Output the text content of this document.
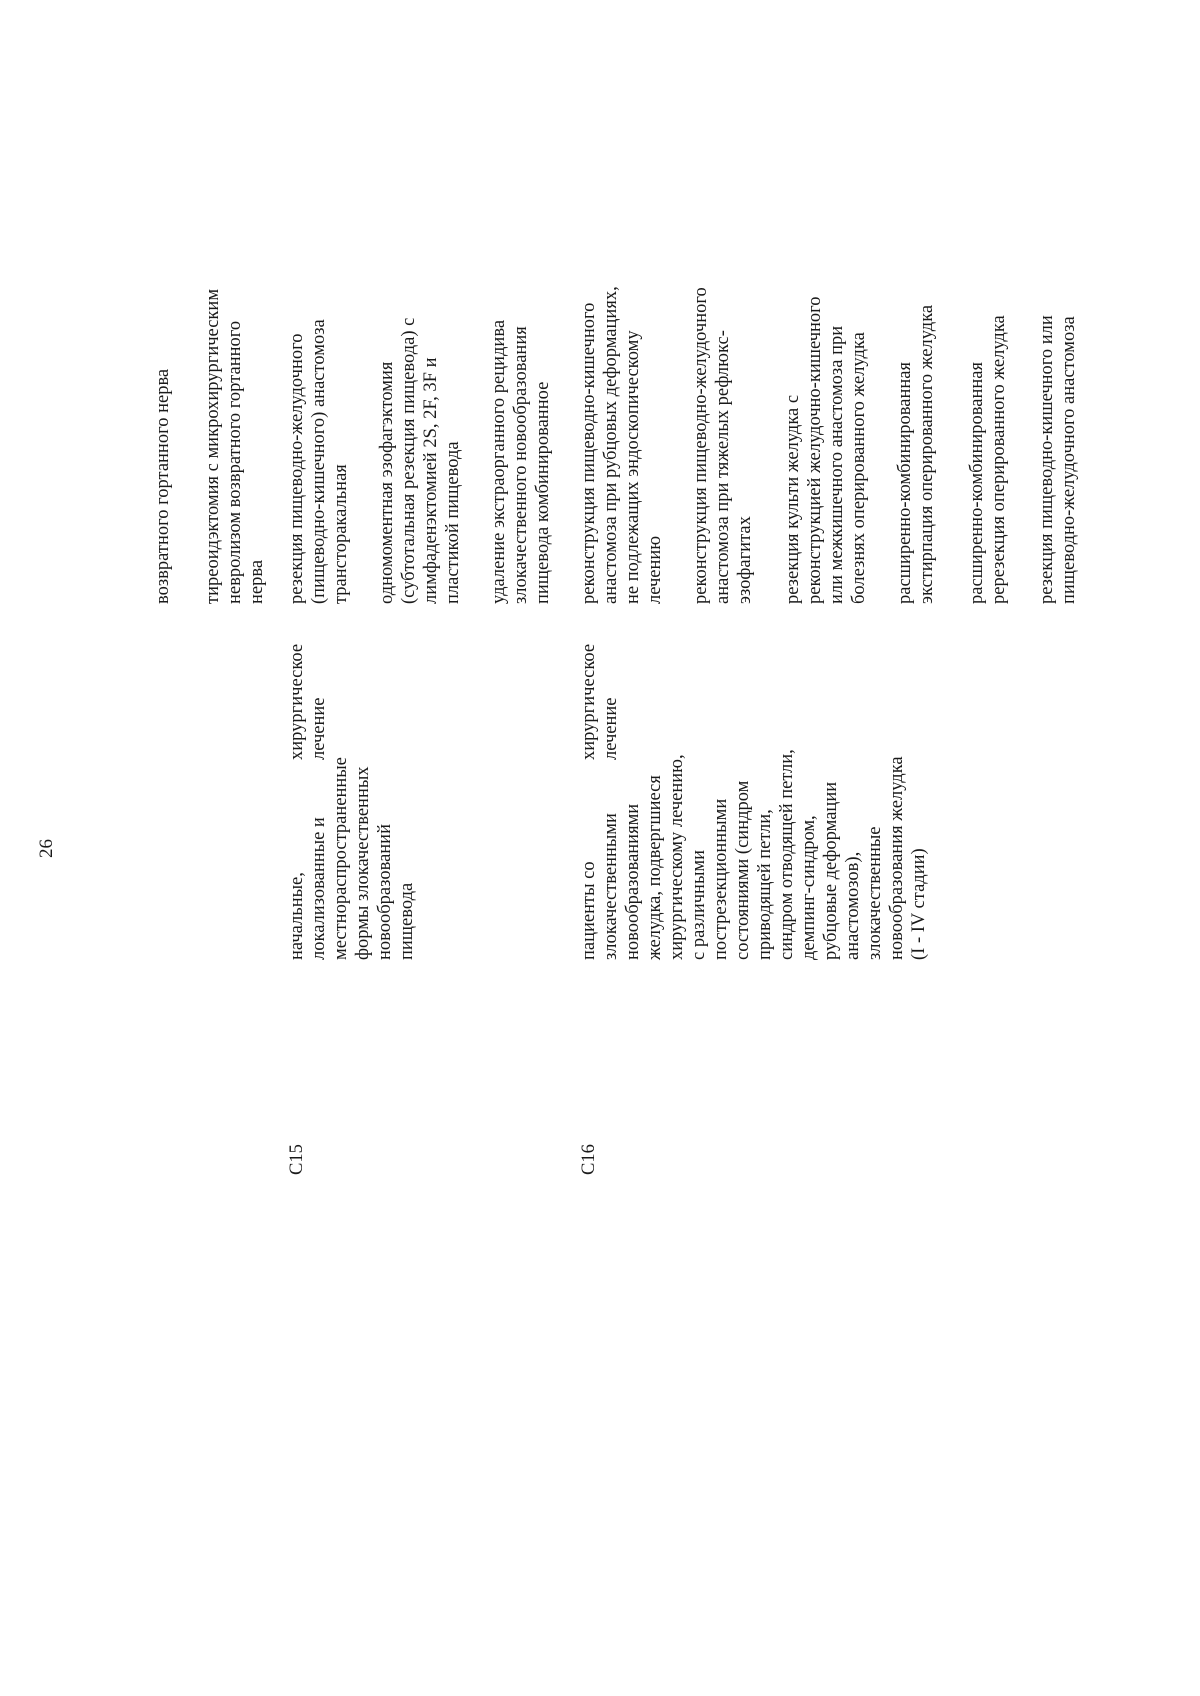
26
возвратного гортанного нерва тиреоидэктомия с микрохирургическим
невролизом возвратного гортанного
нерва
C15
начальные,
локализованные и
местнораспространенные
формы злокачественных
новообразований
пищевода
хирургическое
лечение
резекция пищеводно-желудочного
(пищеводно-кишечного) анастомоза
трансторакальная одномоментная эзофагэктомия
(субтотальная резекция пищевода) с
лимфаденэктомией 2S, 2F, 3F и
пластикой пищевода
удаление экстраорганного рецидива
злокачественного новообразования
пищевода комбинированное
C16
пациенты со
злокачественными
новообразованиями
желудка, подвергшиеся
хирургическому лечению,
с различными
пострезекционными
состояниями (синдром
приводящей петли,
синдром отводящей петли,
демпинг-синдром,
рубцовые деформации
анастомозов),
злокачественные
новообразования желудка
(I - IV стадии)
хирургическое
лечение
реконструкция пищеводно-кишечного
анастомоза при рубцовых деформациях,
не подлежащих эндоскопическому
лечению реконструкция пищеводно-желудочного
анастомоза при тяжелых рефлюкс-
эзофагитах резекция культи желудка с
реконструкцией желудочно-кишечного
или межкишечного анастомоза при
болезнях оперированного желудка расширенно-комбинированная
экстирпация оперированного желудка
расширенно-комбинированная
ререзекция оперированного желудка
резекция пищеводно-кишечного или
пищеводно-желудочного анастомоза
